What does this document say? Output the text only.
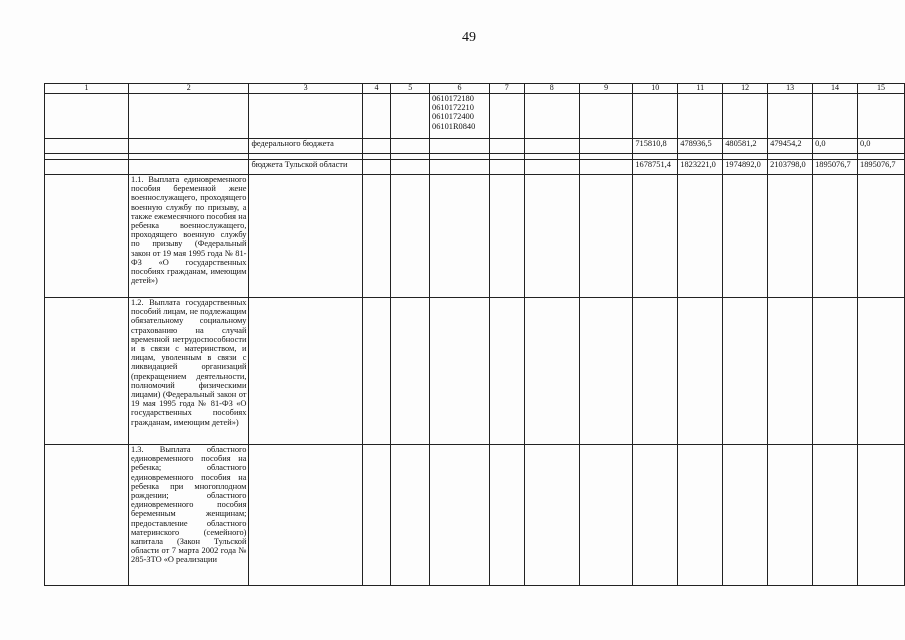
49
1	2	3	4	5	6	7	8	9	10	11	12	13	14	15

					0610172180
0610172210
0610172400
06101R0840									

		федерального бюджета							715810,8	478936,5	480581,2	479454,2	0,0	0,0

		бюджета Тульской области							1678751,4	1823221,0	1974892,0	2103798,0	1895076,7	1895076,7
	1.1. Выплата единовременного пособия беременной жене военнослужащего, проходящего военную службу по призыву, а также ежемесячного пособия на ребенка военнослужащего, проходящего военную службу по призыву (Федеральный закон от 19 мая 1995 года № 81-ФЗ «О государственных пособиях гражданам, имеющим детей»)													
	1.2. Выплата государственных пособий лицам, не подлежащим обязательному социальному страхованию на случай временной нетрудоспособности и в связи с материнством, и лицам, уволенным в связи с ликвидацией организаций (прекращением деятельности, полномочий физическими лицами) (Федеральный закон от 19 мая 1995 года № 81-ФЗ «О государственных пособиях гражданам, имеющим детей»)													
	1.3. Выплата областного единовременного пособия на ребенка; областного единовременного пособия на ребенка при многоплодном рождении; областного единовременного пособия беременным женщинам; предоставление областного материнского (семейного) капитала (Закон Тульской области от 7 марта 2002 года № 285-ЗТО «О реализации													
